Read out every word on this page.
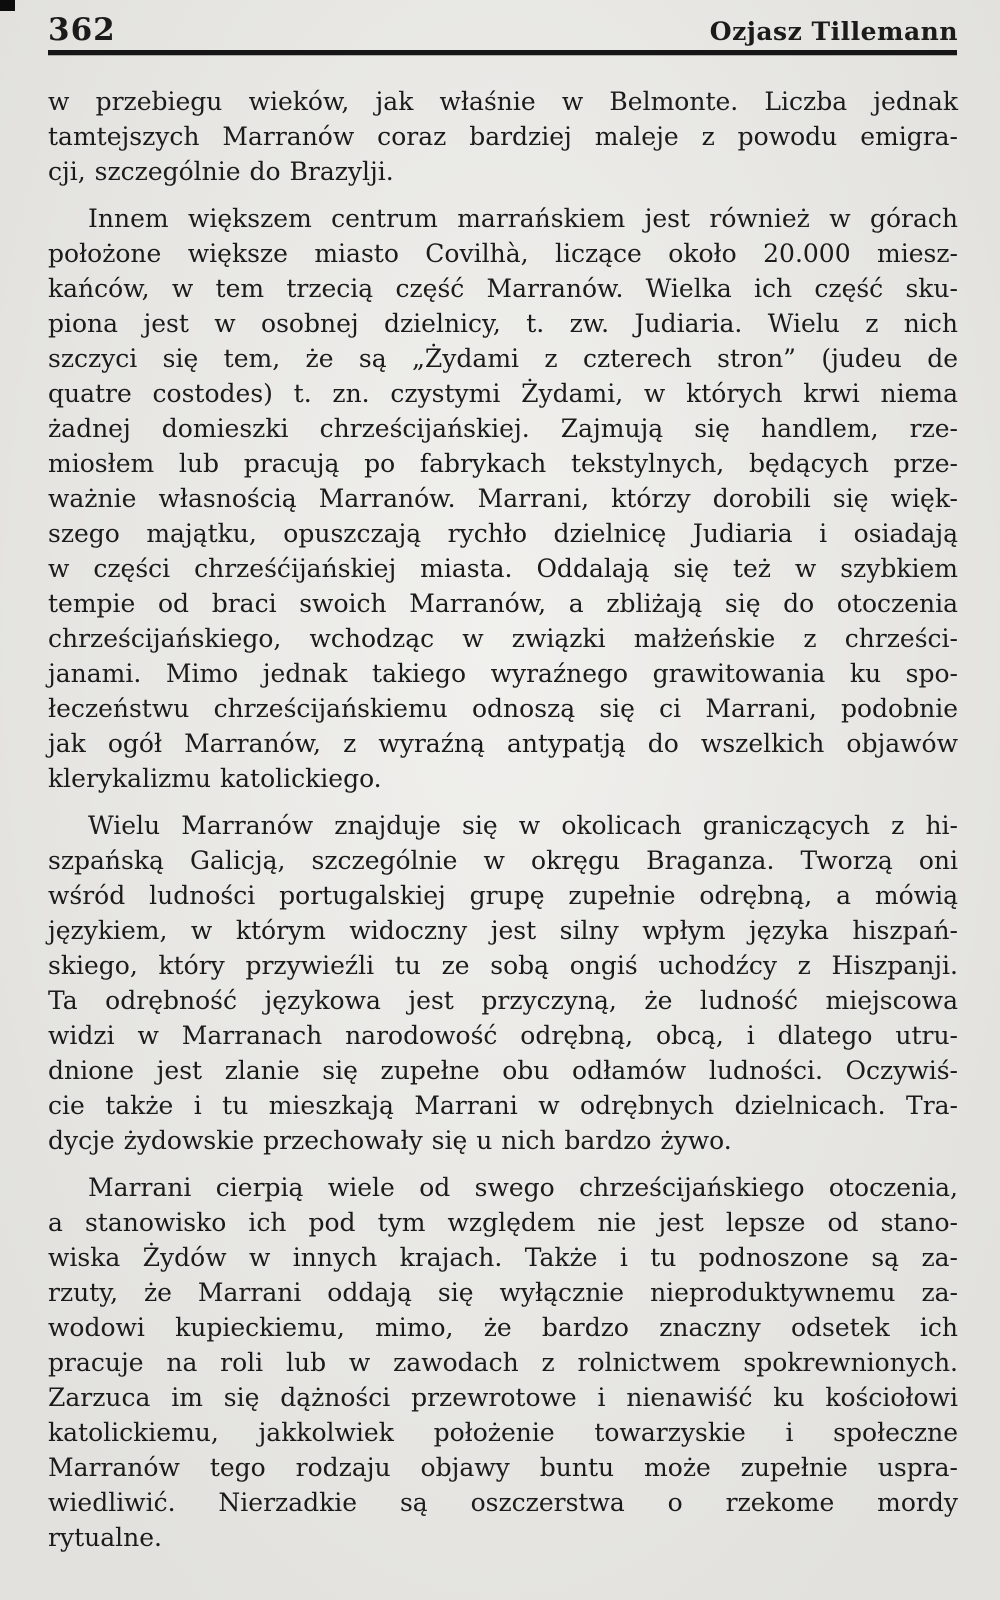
362	Ozjasz Tillemann
w przebiegu wieków, jak właśnie w Belmonte. Liczba jednak
tamtejszych Marranów coraz bardziej maleje z powodu emigra-
cji, szczególnie do Brazylji.
Innem większem centrum marrańskiem jest również w górach
położone większe miasto Covilhà, liczące około 20.000 miesz-
kańców, w tem trzecią część Marranów. Wielka ich część sku-
piona jest w osobnej dzielnicy, t. zw. Judiaria. Wielu z nich
szczyci się tem, że są „Żydami z czterech stron” (judeu de
quatre costodes) t. zn. czystymi Żydami, w których krwi niema
żadnej domieszki chrześcijańskiej. Zajmują się handlem, rze-
miosłem lub pracują po fabrykach tekstylnych, będących prze-
ważnie własnością Marranów. Marrani, którzy dorobili się więk-
szego majątku, opuszczają rychło dzielnicę Judiaria i osiadają
w części chrześćijańskiej miasta. Oddalają się też w szybkiem
tempie od braci swoich Marranów, a zbliżają się do otoczenia
chrześcijańskiego, wchodząc w związki małżeńskie z chrześci-
janami. Mimo jednak takiego wyraźnego grawitowania ku spo-
łeczeństwu chrześcijańskiemu odnoszą się ci Marrani, podobnie
jak ogół Marranów, z wyraźną antypatją do wszelkich objawów
klerykalizmu katolickiego.
Wielu Marranów znajduje się w okolicach graniczących z hi-
szpańską Galicją, szczególnie w okręgu Braganza. Tworzą oni
wśród ludności portugalskiej grupę zupełnie odrębną, a mówią
językiem, w którym widoczny jest silny wpłym języka hiszpań-
skiego, który przywieźli tu ze sobą ongiś uchodźcy z Hiszpanji.
Ta odrębność językowa jest przyczyną, że ludność miejscowa
widzi w Marranach narodowość odrębną, obcą, i dlatego utru-
dnione jest zlanie się zupełne obu odłamów ludności. Oczywiś-
cie także i tu mieszkają Marrani w odrębnych dzielnicach. Tra-
dycje żydowskie przechowały się u nich bardzo żywo.
Marrani cierpią wiele od swego chrześcijańskiego otoczenia,
a stanowisko ich pod tym względem nie jest lepsze od stano-
wiska Żydów w innych krajach. Także i tu podnoszone są za-
rzuty, że Marrani oddają się wyłącznie nieproduktywnemu za-
wodowi kupieckiemu, mimo, że bardzo znaczny odsetek ich
pracuje na roli lub w zawodach z rolnictwem spokrewnionych.
Zarzuca im się dążności przewrotowe i nienawiść ku kościołowi
katolickiemu, jakkolwiek położenie towarzyskie i społeczne
Marranów tego rodzaju objawy buntu może zupełnie uspra-
wiedliwić. Nierzadkie są oszczerstwa o rzekome mordy
rytualne.
